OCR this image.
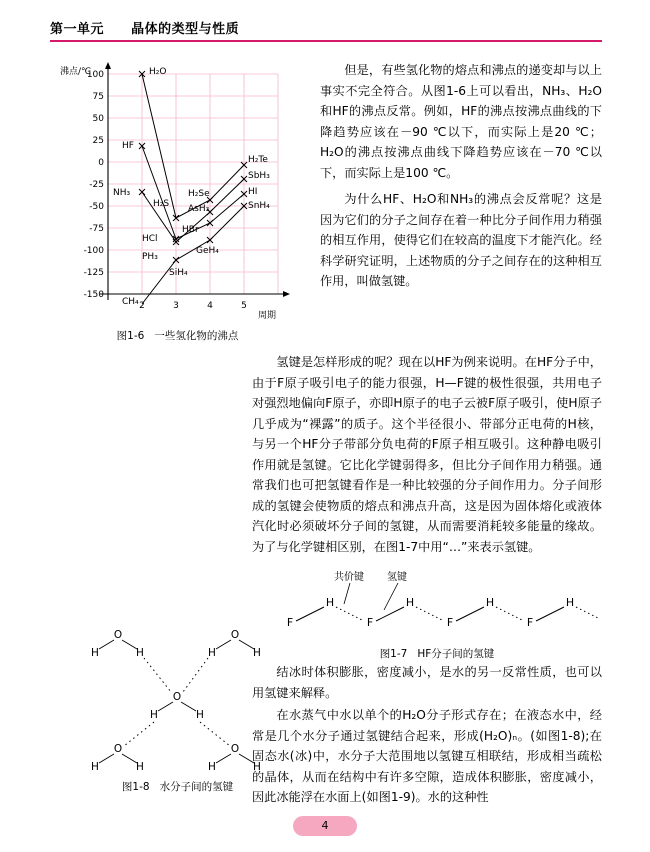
第一单元 晶体的类型与性质
100
75
50
25
0
-25
-50
-75
-100
-125
-150
2	3	4	5
沸点/℃
周期
H₂O
H₂S
H₂Se
H₂Te
HF
HCl
HBr
HI
NH₃
PH₃
AsH₃
SbH₃
CH₄
SiH₄
GeH₄
SnH₄
图1-6 一些氢化物的沸点
O
H	H
O
H	H
O
H	H
O
H	H
O
H	H
图1-8 水分子间的氢键

但是，有些氢化物的熔点和沸点的递变却与以上事实不完全符合。从图1-6上可以看出，NH₃、H₂O和HF的沸点反常。例如，HF的沸点按沸点曲线的下降趋势应该在－90 ℃以下，而实际上是20 ℃；H₂O的沸点按沸点曲线下降趋势应该在－70 ℃以下，而实际上是100 ℃。

为什么HF、H₂O和NH₃的沸点会反常呢？这是因为它们的分子之间存在着一种比分子间作用力稍强的相互作用，使得它们在较高的温度下才能汽化。经科学研究证明，上述物质的分子之间存在的这种相互作用，叫做氢键。

氢键是怎样形成的呢？现在以HF为例来说明。在HF分子中，由于F原子吸引电子的能力很强，H—F键的极性很强，共用电子对强烈地偏向F原子，亦即H原子的电子云被F原子吸引，使H原子几乎成为“裸露”的质子。这个半径很小、带部分正电荷的H核，与另一个HF分子带部分负电荷的F原子相互吸引。这种静电吸引作用就是氢键。它比化学键弱得多，但比分子间作用力稍强。通常我们也可把氢键看作是一种比较强的分子间作用力。分子间形成的氢键会使物质的熔点和沸点升高，这是因为固体熔化或液体汽化时必须破坏分子间的氢键，从而需要消耗较多能量的缘故。为了与化学键相区别，在图1-7中用“…”来表示氢键。

共价键 氢键
F
H
F
H
F
H
F
H
图1-7 HF分子间的氢键

结冰时体积膨胀，密度减小，是水的另一反常性质，也可以用氢键来解释。

在水蒸气中水以单个的H₂O分子形式存在；在液态水中，经常是几个水分子通过氢键结合起来，形成(H₂O)ₙ。(如图1-8);在固态水(冰)中，水分子大范围地以氢键互相联结，形成相当疏松的晶体，从而在结构中有许多空隙，造成体积膨胀，密度减小，因此冰能浮在水面上(如图1-9)。水的这种性

4
